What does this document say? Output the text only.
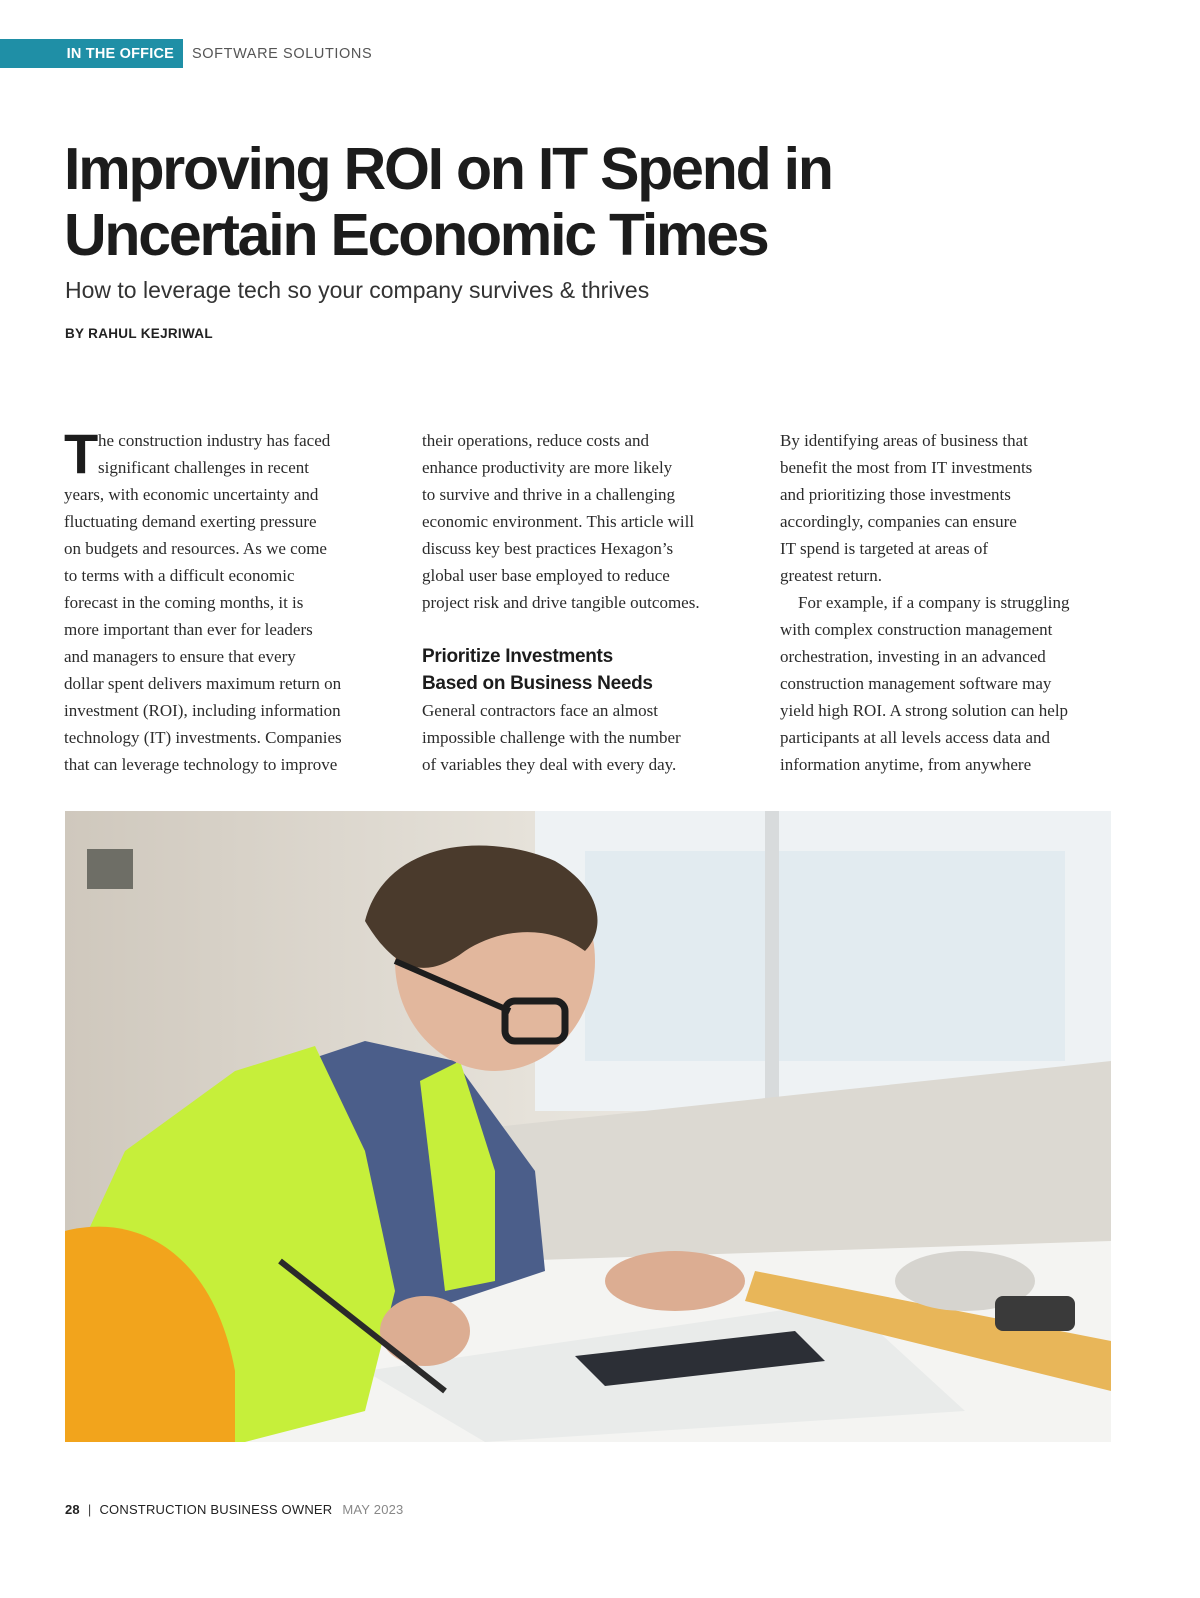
IN THE OFFICE	SOFTWARE SOLUTIONS
Improving ROI on IT Spend in
Uncertain Economic Times

How to leverage tech so your company survives & thrives

BY RAHUL KEJRIWAL
T he construction industry has faced
significant challenges in recent
years, with economic uncertainty and
fluctuating demand exerting pressure
on budgets and resources. As we come
to terms with a difficult economic
forecast in the coming months, it is
more important than ever for leaders
and managers to ensure that every
dollar spent delivers maximum return on
investment (ROI), including information
technology (IT) investments. Companies
that can leverage technology to improve
their operations, reduce costs and
enhance productivity are more likely
to survive and thrive in a challenging
economic environment. This article will
discuss key best practices Hexagon’s
global user base employed to reduce
project risk and drive tangible outcomes.
Prioritize Investments
Based on Business Needs
General contractors face an almost
impossible challenge with the number
of variables they deal with every day.
By identifying areas of business that
benefit the most from IT investments
and prioritizing those investments
accordingly, companies can ensure
IT spend is targeted at areas of
greatest return.
For example, if a company is struggling
with complex construction management
orchestration, investing in an advanced
construction management software may
yield high ROI. A strong solution can help
participants at all levels access data and
information anytime, from anywhere
28 | CONSTRUCTION BUSINESS OWNER MAY 2023
